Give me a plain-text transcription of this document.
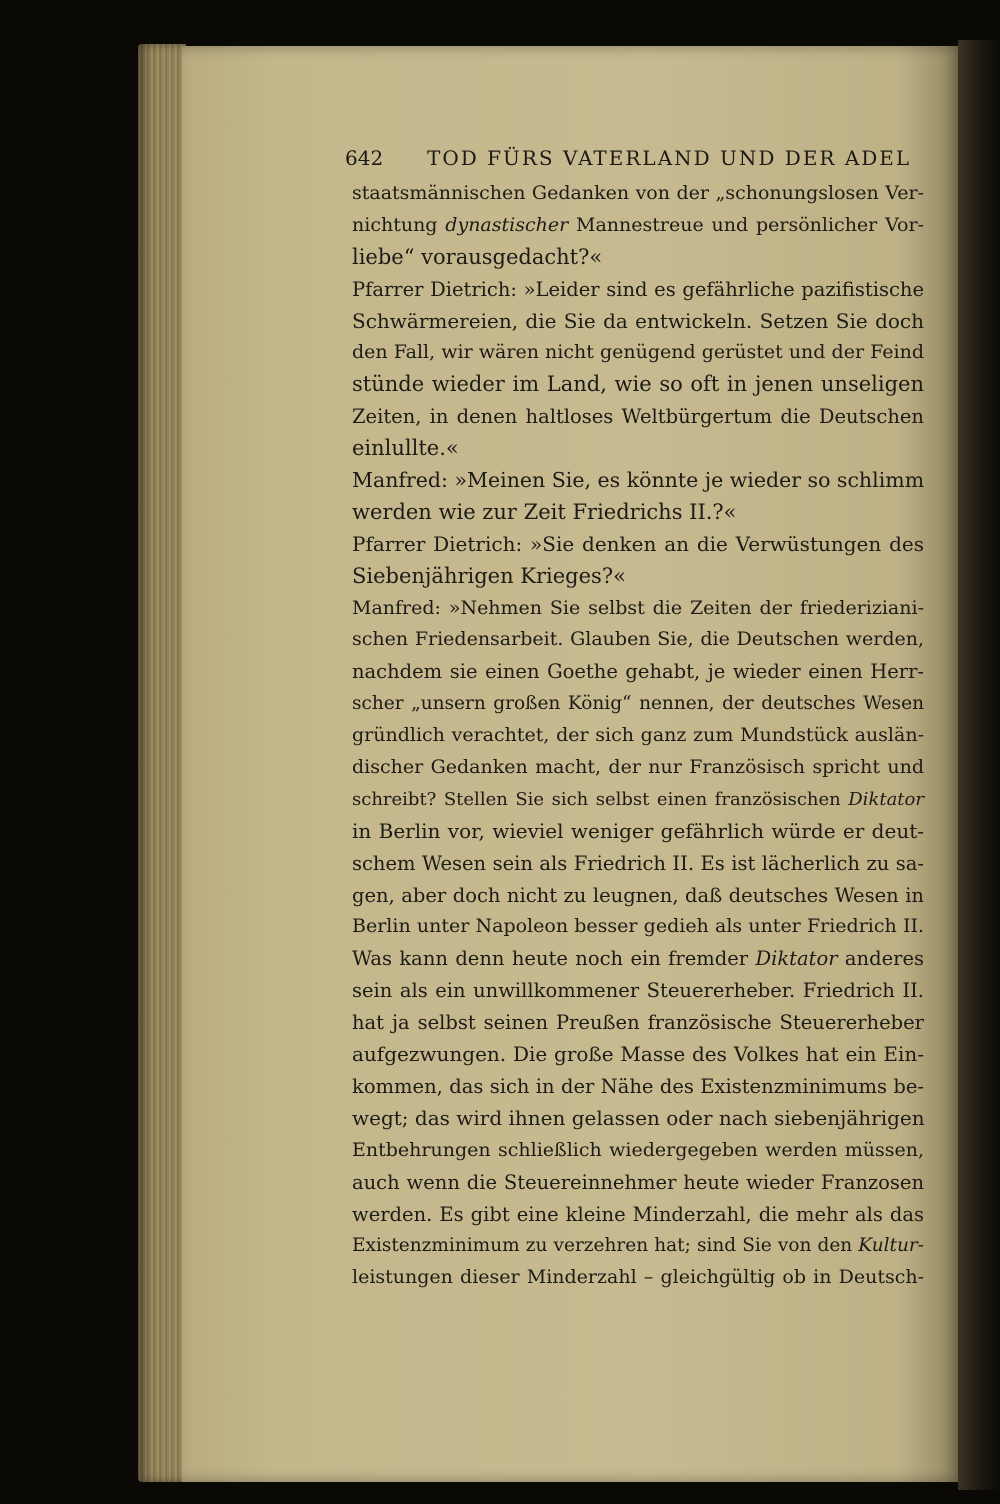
642 TOD FÜRS VATERLAND UND DER ADEL
staatsmännischen Gedanken von der „schonungslosen Ver-
nichtung dynastischer Mannestreue und persönlicher Vor-
liebe“ vorausgedacht?«
Pfarrer Dietrich: »Leider sind es gefährliche pazifistische
Schwärmereien, die Sie da entwickeln. Setzen Sie doch
den Fall, wir wären nicht genügend gerüstet und der Feind
stünde wieder im Land, wie so oft in jenen unseligen
Zeiten, in denen haltloses Weltbürgertum die Deutschen
einlullte.«
Manfred: »Meinen Sie, es könnte je wieder so schlimm
werden wie zur Zeit Friedrichs II.?«
Pfarrer Dietrich: »Sie denken an die Verwüstungen des
Siebenjährigen Krieges?«
Manfred: »Nehmen Sie selbst die Zeiten der friederiziani-
schen Friedensarbeit. Glauben Sie, die Deutschen werden,
nachdem sie einen Goethe gehabt, je wieder einen Herr-
scher „unsern großen König“ nennen, der deutsches Wesen
gründlich verachtet, der sich ganz zum Mundstück auslän-
discher Gedanken macht, der nur Französisch spricht und
schreibt? Stellen Sie sich selbst einen französischen Diktator
in Berlin vor, wieviel weniger gefährlich würde er deut-
schem Wesen sein als Friedrich II. Es ist lächerlich zu sa-
gen, aber doch nicht zu leugnen, daß deutsches Wesen in
Berlin unter Napoleon besser gedieh als unter Friedrich II.
Was kann denn heute noch ein fremder Diktator anderes
sein als ein unwillkommener Steuererheber. Friedrich II.
hat ja selbst seinen Preußen französische Steuererheber
aufgezwungen. Die große Masse des Volkes hat ein Ein-
kommen, das sich in der Nähe des Existenzminimums be-
wegt; das wird ihnen gelassen oder nach siebenjährigen
Entbehrungen schließlich wiedergegeben werden müssen,
auch wenn die Steuereinnehmer heute wieder Franzosen
werden. Es gibt eine kleine Minderzahl, die mehr als das
Existenzminimum zu verzehren hat; sind Sie von den Kultur-
leistungen dieser Minderzahl – gleichgültig ob in Deutsch-
